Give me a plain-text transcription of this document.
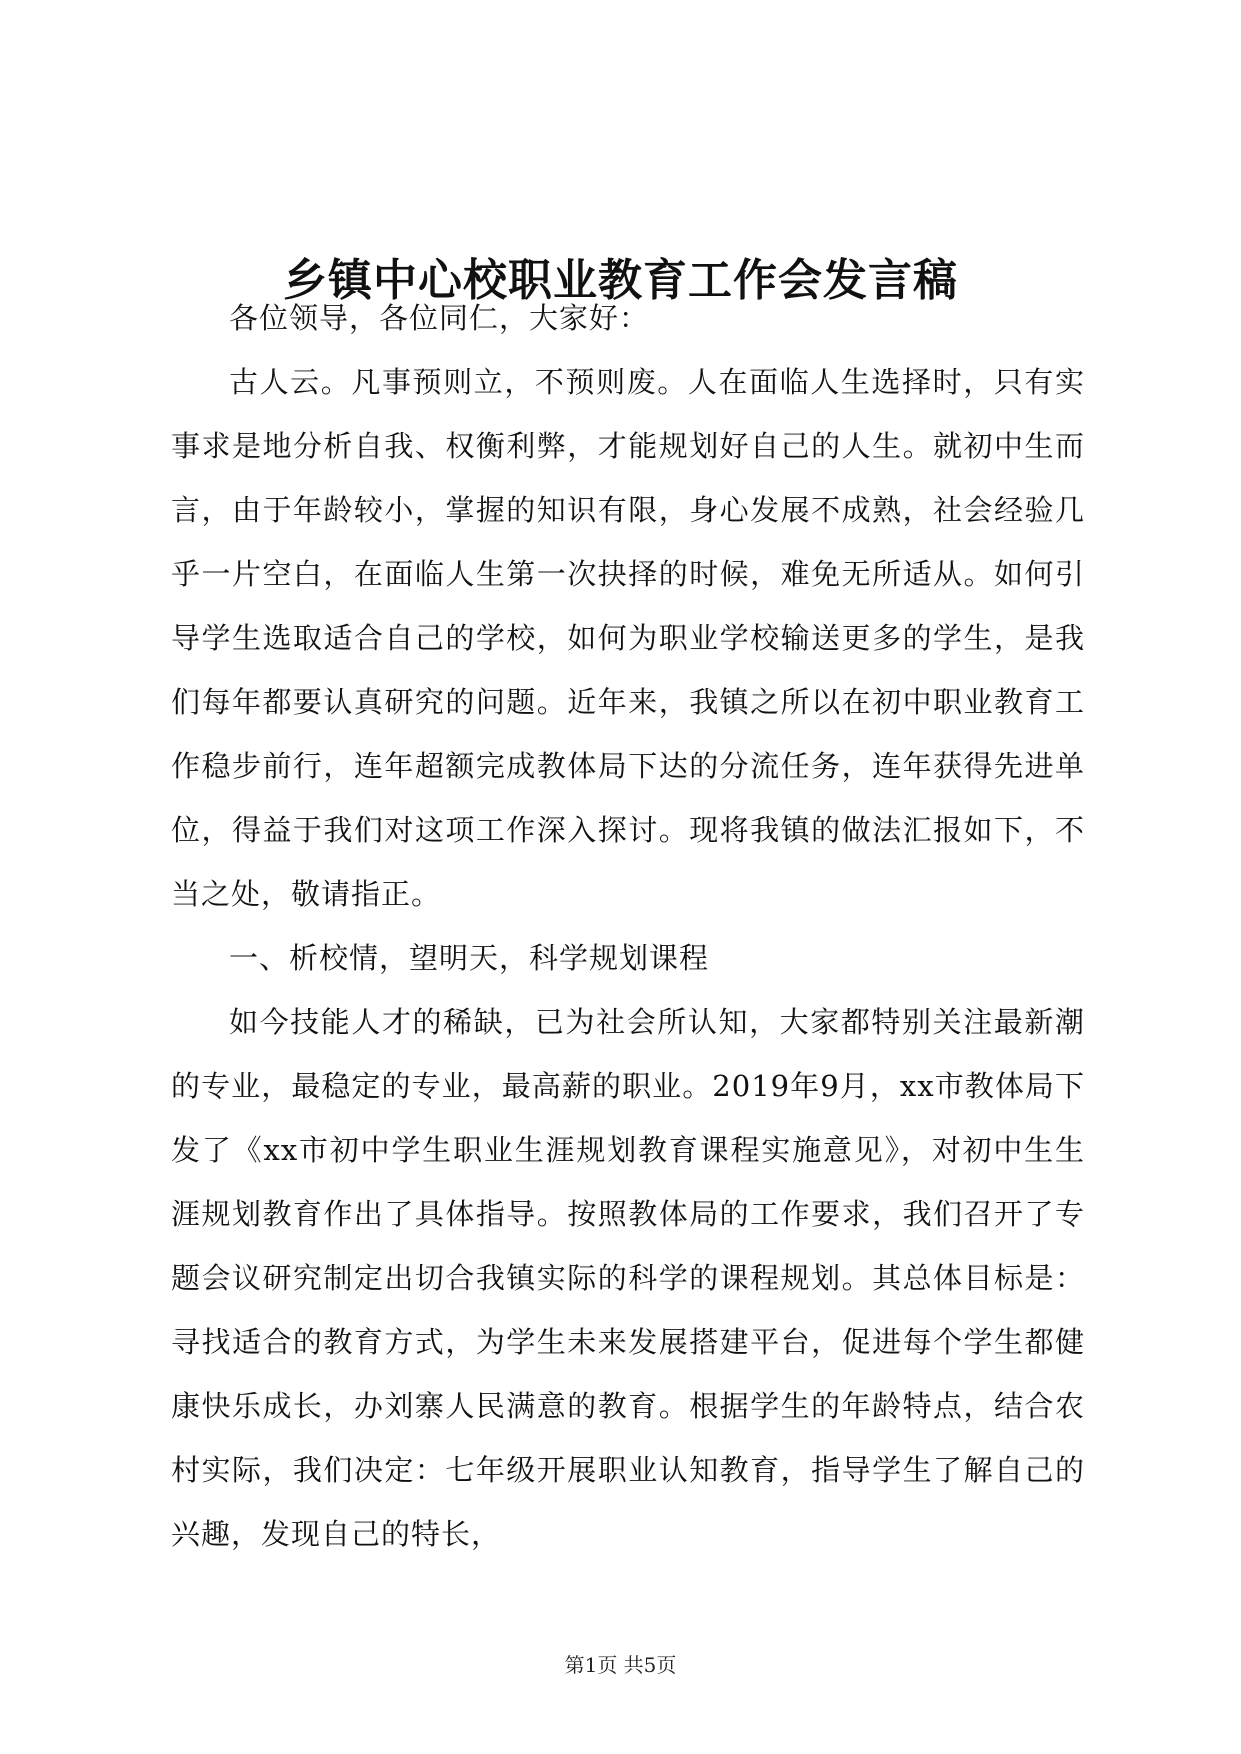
乡镇中心校职业教育工作会发言稿

各位领导，各位同仁，大家好：

古人云。凡事预则立，不预则废。人在面临人生选择时，只有实事求是地分析自我、权衡利弊，才能规划好自己的人生。就初中生而言，由于年龄较小，掌握的知识有限，身心发展不成熟，社会经验几乎一片空白，在面临人生第一次抉择的时候，难免无所适从。如何引导学生选取适合自己的学校，如何为职业学校输送更多的学生，是我们每年都要认真研究的问题。近年来，我镇之所以在初中职业教育工作稳步前行，连年超额完成教体局下达的分流任务，连年获得先进单位，得益于我们对这项工作深入探讨。现将我镇的做法汇报如下，不当之处，敬请指正。

一、析校情，望明天，科学规划课程

如今技能人才的稀缺，已为社会所认知，大家都特别关注最新潮的专业，最稳定的专业，最高薪的职业。2019年9月，xx市教体局下发了《xx市初中学生职业生涯规划教育课程实施意见》，对初中生生涯规划教育作出了具体指导。按照教体局的工作要求，我们召开了专题会议研究制定出切合我镇实际的科学的课程规划。其总体目标是：寻找适合的教育方式，为学生未来发展搭建平台，促进每个学生都健康快乐成长，办刘寨人民满意的教育。根据学生的年龄特点，结合农村实际，我们决定：七年级开展职业认知教育，指导学生了解自己的兴趣，发现自己的特长，

第1页 共5页
